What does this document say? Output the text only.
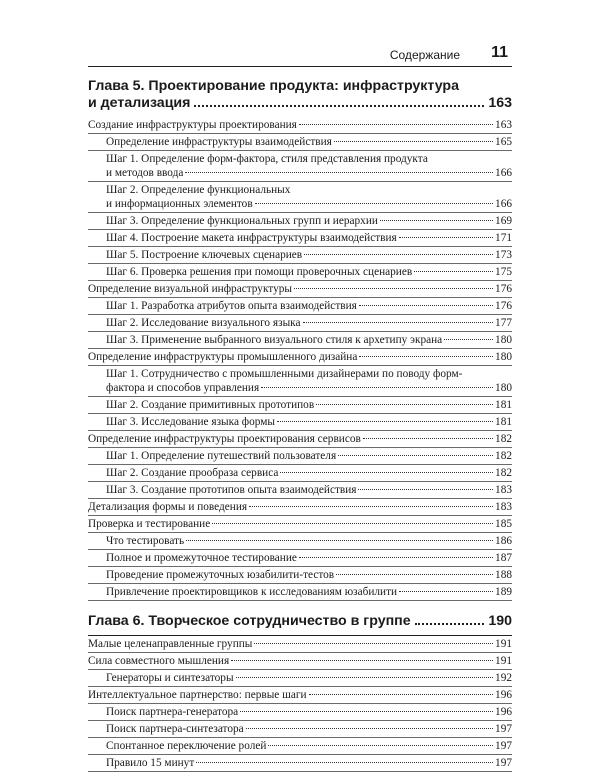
Содержание 11
Глава 5. Проектирование продукта: инфраструктура
и детализация	163
Создание инфраструктуры проектирования	163
Определение инфраструктуры взаимодействия	165
Шаг 1. Определение форм-фактора, стиля представления продукта
и методов ввода	166
Шаг 2. Определение функциональных
и информационных элементов	166
Шаг 3. Определение функциональных групп и иерархии	169
Шаг 4. Построение макета инфраструктуры взаимодействия	171
Шаг 5. Построение ключевых сценариев	173
Шаг 6. Проверка решения при помощи проверочных сценариев	175
Определение визуальной инфраструктуры	176
Шаг 1. Разработка атрибутов опыта взаимодействия	176
Шаг 2. Исследование визуального языка	177
Шаг 3. Применение выбранного визуального стиля к архетипу экрана	180
Определение инфраструктуры промышленного дизайна	180
Шаг 1. Сотрудничество с промышленными дизайнерами по поводу форм-
фактора и способов управления	180
Шаг 2. Создание примитивных прототипов	181
Шаг 3. Исследование языка формы	181
Определение инфраструктуры проектирования сервисов	182
Шаг 1. Определение путешествий пользователя	182
Шаг 2. Создание прообраза сервиса	182
Шаг 3. Создание прототипов опыта взаимодействия	183
Детализация формы и поведения	183
Проверка и тестирование	185
Что тестировать	186
Полное и промежуточное тестирование	187
Проведение промежуточных юзабилити-тестов	188
Привлечение проектировщиков к исследованиям юзабилити	189
Глава 6. Творческое сотрудничество в группе	190
Малые целенаправленные группы	191
Сила совместного мышления	191
Генераторы и синтезаторы	192
Интеллектуальное партнерство: первые шаги	196
Поиск партнера-генератора	196
Поиск партнера-синтезатора	197
Спонтанное переключение ролей	197
Правило 15 минут	197
